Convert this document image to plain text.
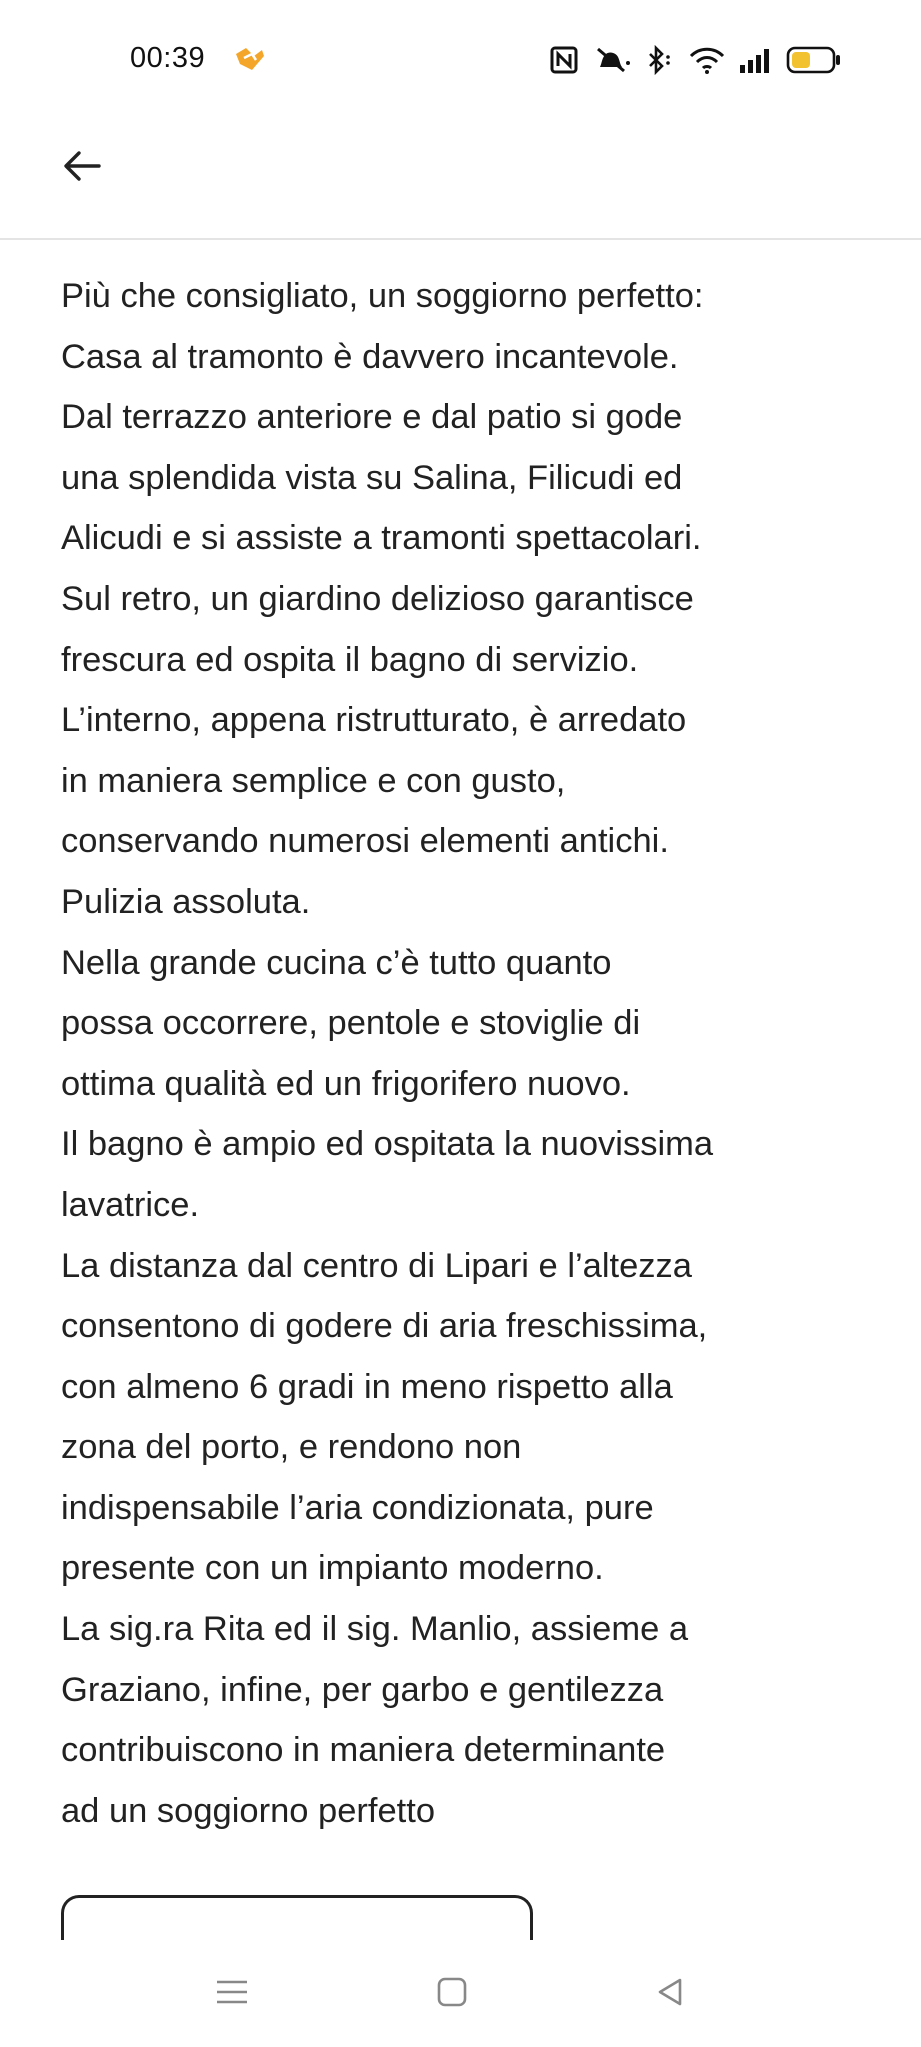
00:39
Più che consigliato, un soggiorno perfetto:
Casa al tramonto è davvero incantevole.
Dal terrazzo anteriore e dal patio si gode
una splendida vista su Salina, Filicudi ed
Alicudi e si assiste a tramonti spettacolari.
Sul retro, un giardino delizioso garantisce
frescura ed ospita il bagno di servizio.
L’interno, appena ristrutturato, è arredato
in maniera semplice e con gusto,
conservando numerosi elementi antichi.
Pulizia assoluta.
Nella grande cucina c’è tutto quanto
possa occorrere, pentole e stoviglie di
ottima qualità ed un frigorifero nuovo.
Il bagno è ampio ed ospitata la nuovissima
lavatrice.
La distanza dal centro di Lipari e l’altezza
consentono di godere di aria freschissima,
con almeno 6 gradi in meno rispetto alla
zona del porto, e rendono non
indispensabile l’aria condizionata, pure
presente con un impianto moderno.
La sig.ra Rita ed il sig. Manlio, assieme a
Graziano, infine, per garbo e gentilezza
contribuiscono in maniera determinante
ad un soggiorno perfetto
